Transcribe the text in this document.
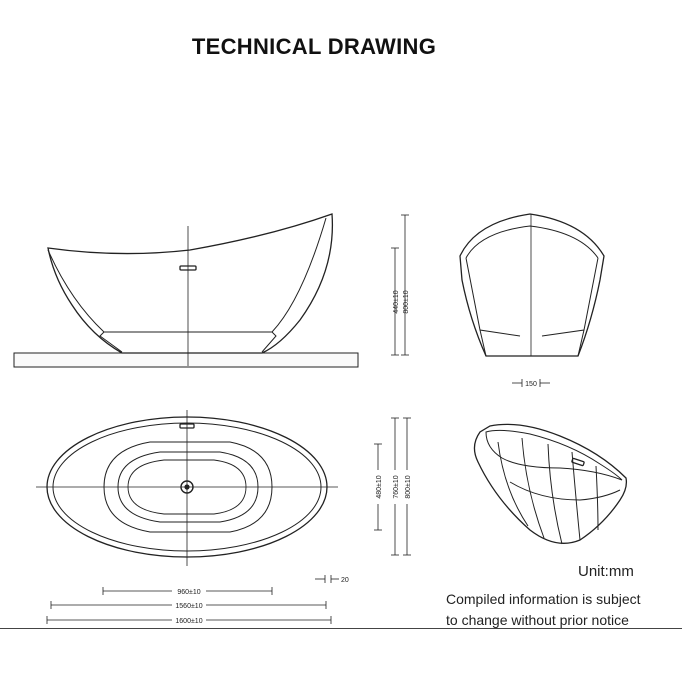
TECHNICAL DRAWING
440±10 800±10
150
960±10
1560±10
1600±10
20
480±10 760±10 800±10
Unit:mm
Compiled information is subject
to change without prior notice
